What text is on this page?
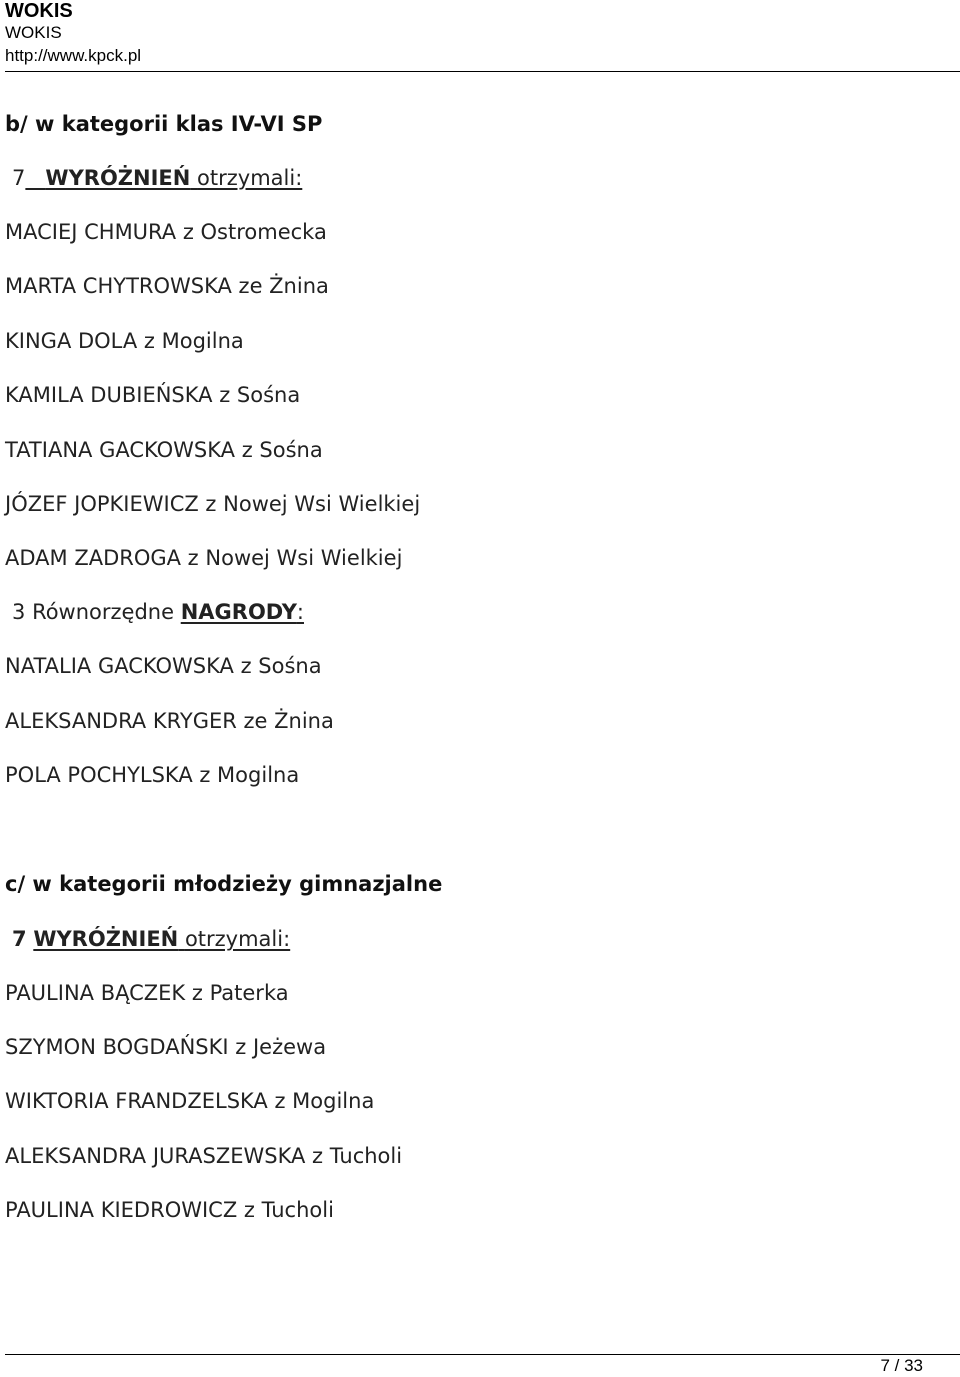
WOKIS
WOKIS
http://www.kpck.pl
b/ w kategorii klas IV-VI SP
7 WYRÓŻNIEŃ otrzymali:
MACIEJ CHMURA z Ostromecka
MARTA CHYTROWSKA ze Żnina
KINGA DOLA z Mogilna
KAMILA DUBIEŃSKA z Sośna
TATIANA GACKOWSKA z Sośna
JÓZEF JOPKIEWICZ z Nowej Wsi Wielkiej
ADAM ZADROGA z Nowej Wsi Wielkiej
3 Równorzędne NAGRODY:
NATALIA GACKOWSKA z Sośna
ALEKSANDRA KRYGER ze Żnina
POLA POCHYLSKA z Mogilna
c/ w kategorii młodzieży gimnazjalne
7 WYRÓŻNIEŃ otrzymali:
PAULINA BĄCZEK z Paterka
SZYMON BOGDAŃSKI z Jeżewa
WIKTORIA FRANDZELSKA z Mogilna
ALEKSANDRA JURASZEWSKA z Tucholi
PAULINA KIEDROWICZ z Tucholi
7 / 33
